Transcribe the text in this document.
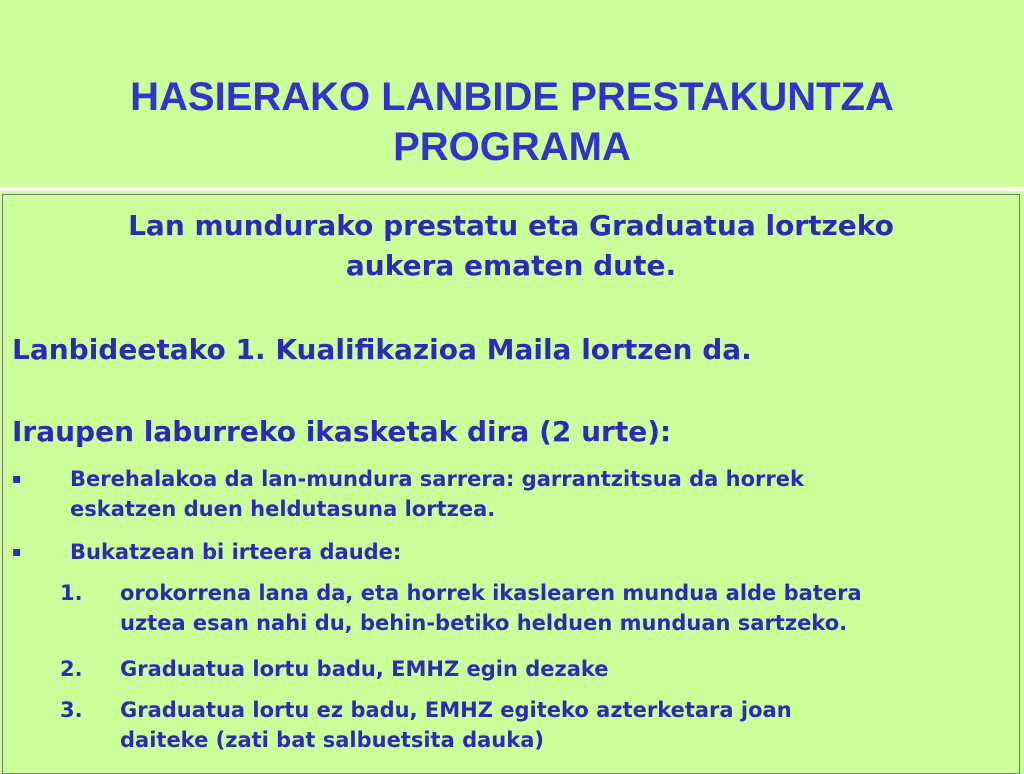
HASIERAKO LANBIDE PRESTAKUNTZA
PROGRAMA

Lan mundurako prestatu eta Graduatua lortzeko
aukera ematen dute.

Lanbideetako 1. Kualifikazioa Maila lortzen da.

Iraupen laburreko ikasketak dira (2 urte):

▪ Berehalakoa da lan-mundura sarrera: garrantzitsua da horrek
eskatzen duen heldutasuna lortzea.
▪ Bukatzean bi irteera daude:
1. orokorrena lana da, eta horrek ikaslearen mundua alde batera
uztea esan nahi du, behin-betiko helduen munduan sartzeko.
2. Graduatua lortu badu, EMHZ egin dezake
3. Graduatua lortu ez badu, EMHZ egiteko azterketara joan
daiteke (zati bat salbuetsita dauka)
